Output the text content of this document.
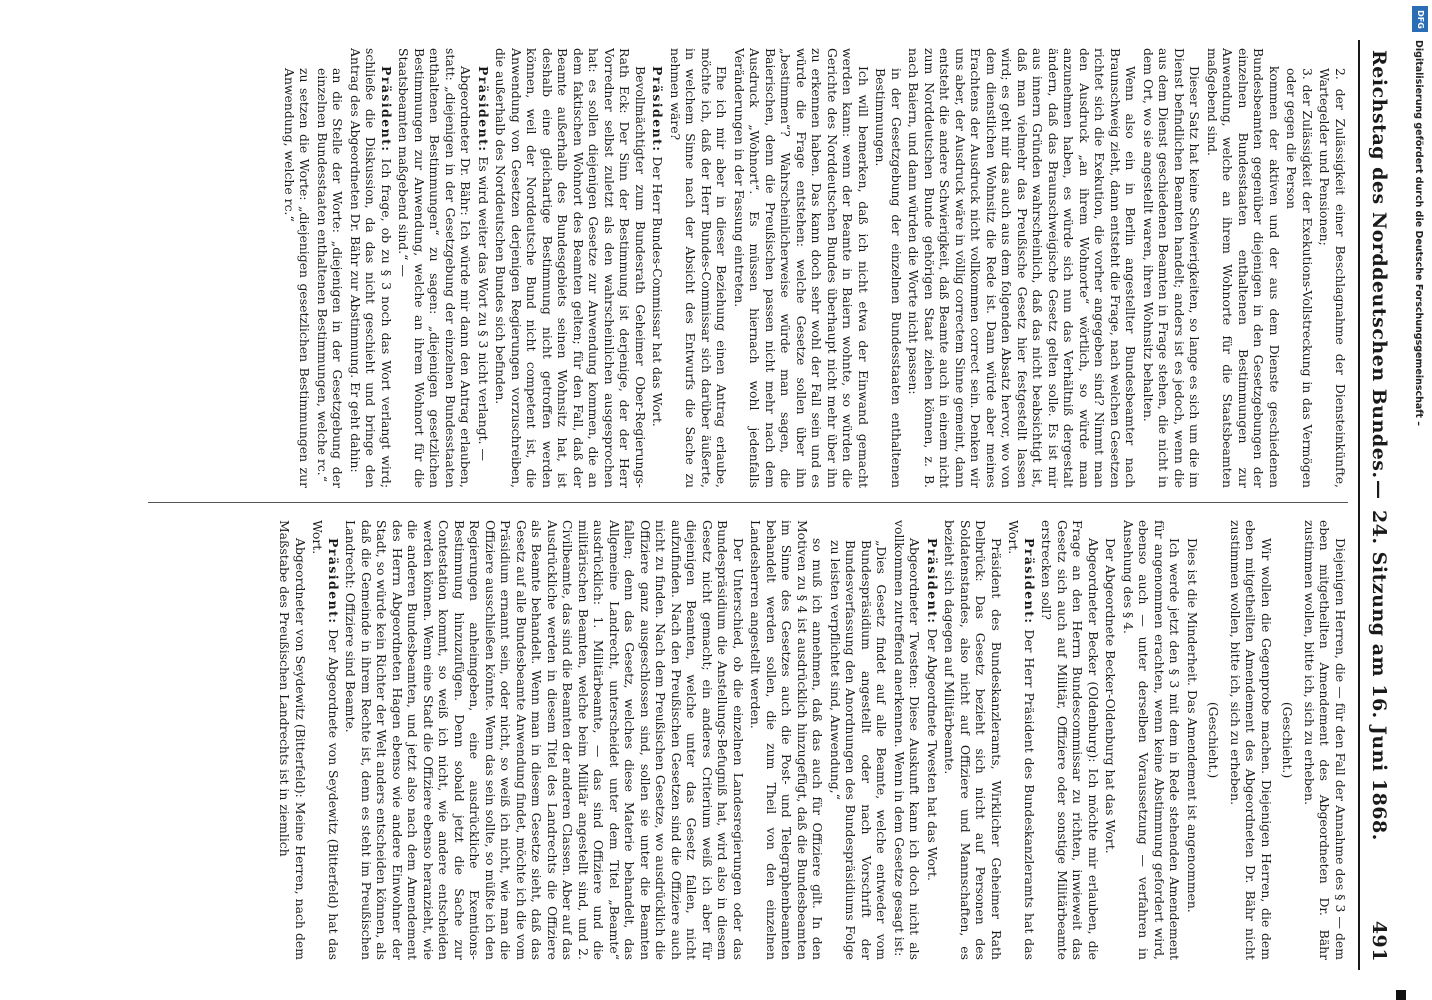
Reichstag des Norddeutschen Bundes.
—
24. Sitzung am 16. Juni 1868.
491

2. der Zulässigkeit einer Beschlagnahme der Diensteinkünfte, Wartegelder und Pensionen;

3. der Zulässigkeit der Exekutions-Vollstreckung in das Vermögen oder gegen die Person

kommen der aktiven und der aus dem Dienste geschiedenen Bundesbeamten gegenüber diejenigen in den Gesetzgebungen der einzelnen Bundesstaaten enthaltenen Bestimmungen zur Anwendung, welche an ihrem Wohnorte für die Staatsbeamten maßgebend sind.

Dieser Satz hat keine Schwierigkeiten, so lange es sich um die im Dienst befindlichen Beamten handelt; anders ist es jedoch, wenn die aus dem Dienst geschiedenen Beamten in Frage stehen, die nicht in dem Ort, wo sie angestellt waren, ihren Wohnsitz behalten.

Wenn also ein in Berlin angestellter Bundesbeamter nach Braunschweig zieht, dann entsteht die Frage, nach welchen Gesetzen richtet sich die Exekution, die vorher angegeben sind? Nimmt man den Ausdruck „an ihrem Wohnorte“ wörtlich, so würde man anzunehmen haben, es würde sich nun das Verhältniß dergestalt ändern, daß das Braunschweigische Gesetz gelten solle. Es ist mir aus innern Gründen wahrscheinlich, daß das nicht beabsichtigt ist, daß man vielmehr das Preußische Gesetz hier festgestellt lassen wird; es geht mir das auch aus dem folgenden Absatz hervor, wo von dem dienstlichen Wohnsitz die Rede ist. Dann würde aber meines Erachtens der Ausdruck nicht vollkommen correct sein. Denken wir uns aber, der Ausdruck wäre in völlig correctem Sinne gemeint, dann entsteht die andere Schwierigkeit, daß Beamte auch in einem nicht zum Norddeutschen Bunde gehörigen Staat ziehen können, z. B. nach Baiern, und dann würden die Worte nicht passen:

in der Gesetzgebung der einzelnen Bundesstaaten enthaltenen Bestimmungen.

Ich will bemerken, daß ich nicht etwa der Einwand gemacht werden kann: wenn der Beamte in Baiern wohnte, so würden die Gerichte des Norddeutschen Bundes überhaupt nicht mehr über ihn zu erkennen haben. Das kann doch sehr wohl der Fall sein und es würde die Frage entstehen: welche Gesetze sollen über ihn „bestimmen“? Wahrscheinlicherweise würde man sagen, die Baierischen, denn die Preußischen passen nicht mehr nach dem Ausdruck „Wohnort“. Es müssen hiernach wohl jedenfalls Veränderungen in der Fassung eintreten.

Ehe ich mir aber in dieser Beziehung einen Antrag erlaube, möchte ich, daß der Herr Bundes-Commissar sich darüber äußerte, in welchem Sinne nach der Absicht des Entwurfs die Sache zu nehmen wäre?

Präsident: Der Herr Bundes-Commissar hat das Wort.

Bevollmächtigter zum Bundesrath Geheimer Ober-Regierungs-Rath Eck: Der Sinn der Bestimmung ist derjenige, der der Herr Vorredner selbst zuletzt als den wahrscheinlichen ausgesprochen hat: es sollen diejenigen Gesetze zur Anwendung kommen, die an dem faktischen Wohnort des Beamten gelten; für den Fall, daß der Beamte außerhalb des Bundesgebiets seinen Wohnsitz hat, ist deshalb eine gleichartige Bestimmung nicht getroffen werden können, weil der Norddeutsche Bund nicht competent ist, die Anwendung von Gesetzen derjenigen Regierungen vorzuschreiben, die außerhalb des Norddeutschen Bundes sich befinden.

Präsident: Es wird weiter das Wort zu § 3 nicht verlangt. —

Abgeordneter Dr. Bähr: Ich würde mir dann den Antrag erlauben, statt: „diejenigen in der Gesetzgebung der einzelnen Bundesstaaten enthaltenen Bestimmungen“ zu sagen: „diejenigen gesetzlichen Bestimmungen zur Anwendung, welche an ihrem Wohnort für die Staatsbeamten maßgebend sind.“ —

Präsident: Ich frage, ob zu § 3 noch das Wort verlangt wird; schließe die Diskussion, da das nicht geschieht und bringe den Antrag des Abgeordneten Dr. Bähr zur Abstimmung. Er geht dahin:

an die Stelle der Worte: „diejenigen in der Gesetzgebung der einzelnen Bundesstaaten enthaltenen Bestimmungen, welche rc.“

zu setzen die Worte: „diejenigen gesetzlichen Bestimmungen zur Anwendung, welche rc.“

Diejenigen Herren, die — für den Fall der Annahme des § 3 — dem eben mitgetheilten Amendement des Abgeordneten Dr. Bähr zustimmen wollen, bitte ich, sich zu erheben.

(Geschieht.)

Wir wollen die Gegenprobe machen. Diejenigen Herren, die dem eben mitgetheilten Amendement des Abgeordneten Dr. Bähr nicht zustimmen wollen, bitte ich, sich zu erheben.

(Geschieht.)

Dies ist die Minderheit. Das Amendement ist angenommen.

Ich werde jetzt den § 3 mit dem in Rede stehenden Amendement für angenommen erachten, wenn keine Abstimmung gefordert wird, ebenso auch — unter derselben Voraussetzung — verfahren in Ansehung des § 4.

Der Abgeordnete Becker-Oldenburg hat das Wort.

Abgeordneter Becker (Oldenburg): Ich möchte mir erlauben, die Frage an den Herrn Bundescommissar zu richten, inwieweit das Gesetz sich auch auf Militär, Offiziere oder sonstige Militärbeamte erstrecken soll?

Präsident: Der Herr Präsident des Bundeskanzleramts hat das Wort.

Präsident des Bundeskanzleramts, Wirklicher Geheimer Rath Delbrück: Das Gesetz bezieht sich nicht auf Personen des Soldatenstandes, also nicht auf Offiziere und Mannschaften, es bezieht sich dagegen auf Militärbeamte.

Präsident: Der Abgeordnete Twesten hat das Wort.

Abgeordneter Twesten: Diese Auskunft kann ich doch nicht als vollkommen zutreffend anerkennen. Wenn in dem Gesetze gesagt ist:

„Dies Gesetz findet auf alle Beamte, welche entweder vom Bundespräsidium angestellt oder nach Vorschrift der Bundesverfassung den Anordnungen des Bundespräsidiums Folge zu leisten verpflichtet sind, Anwendung,“

so muß ich annehmen, daß das auch für Offiziere gilt. In den Motiven zu § 4 ist ausdrücklich hinzugefügt, daß die Bundesbeamten im Sinne des Gesetzes auch die Post- und Telegraphenbeamten behandelt werden sollen, die zum Theil von den einzelnen Landesherren angestellt werden.

Der Unterschied, ob die einzelnen Landesregierungen oder das Bundespräsidium die Anstellungs-Befugniß hat, wird also in diesem Gesetz nicht gemacht; ein anderes Criterium weiß ich aber für diejenigen Beamten, welche unter das Gesetz fallen, nicht aufzufinden. Nach den Preußischen Gesetzen sind die Offiziere auch nicht zu finden. Nach dem Preußischen Gesetze, wo ausdrücklich die Offiziere ganz ausgeschlossen sind, sollen sie unter die Beamten fallen; denn das Gesetz, welches diese Materie behandelt, das Allgemeine Landrecht, unterscheidet unter dem Titel „Beamte“ ausdrücklich: 1. Militärbeamte, — das sind Offiziere und die militärischen Beamten, welche beim Militär angestellt sind, und 2. Civilbeamte, das sind die Beamten der anderen Classen. Aber auf das Ausdrückliche werden in diesem Titel des Landrechts die Offiziere als Beamte behandelt. Wenn man in diesem Gesetze sieht, daß das Gesetz auf alle Bundesbeamte Anwendung findet, möchte ich die vom Präsidium ernannt sein, oder nicht, so weiß ich nicht, wie man die Offiziere ausschließen könnte. Wenn das sein sollte, so müßte ich den Regierungen anheimgeben, eine ausdrückliche Exemtions-Bestimmung hinzuzufügen. Denn sobald jetzt die Sache zur Contestation kommt, so weiß ich nicht, wie andere entscheiden werden können. Wenn eine Stadt die Offiziere ebenso heranzieht, wie die anderen Bundesbeamten, und jetzt also nach dem Amendement des Herrn Abgeordneten Hagen ebenso wie andere Einwohner der Stadt, so würde kein Richter der Welt anders entscheiden können, als daß die Gemeinde in ihrem Rechte ist, denn es steht im Preußischen Landrecht: Offiziere sind Beamte.

Präsident: Der Abgeordnete von Seydewitz (Bitterfeld) hat das Wort.

Abgeordneter von Seydewitz (Bitterfeld): Meine Herren, nach dem Maßstabe des Preußischen Landrechts ist in ziemlich

Digitalisierung gefördert durch die Deutsche Forschungsgemeinschaft –
DFG
